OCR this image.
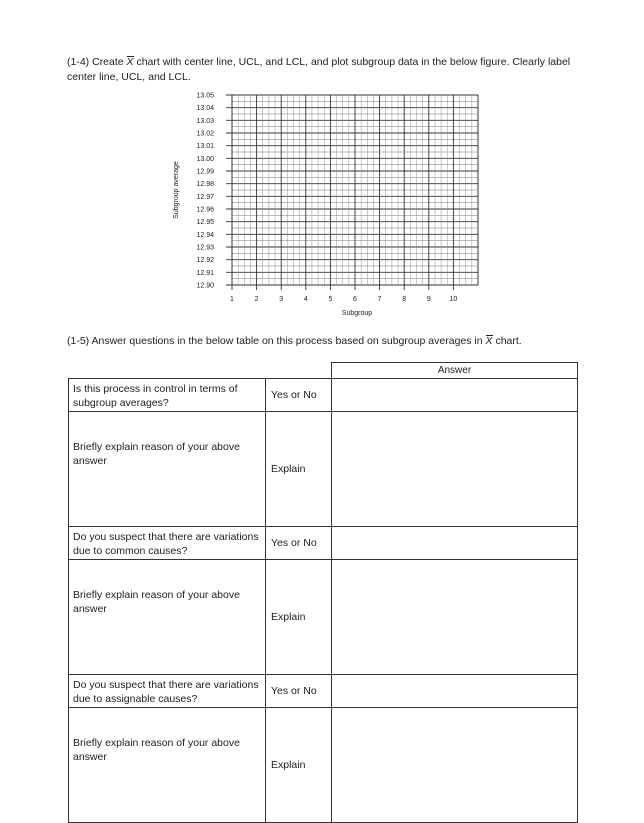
(1-4) Create X chart with center line, UCL, and LCL, and plot subgroup data in the below figure. Clearly label center line, UCL, and LCL.
13.05
13.04
13.03
13.02
13.01
13.00
12.99
12.98
12.97
12.96
12.95
12.94
12.93
12.92
12.91
12.90
1	2	3	4	5	6	7	8	9	10
Subgroup
Subgroup average
(1-5) Answer questions in the below table on this process based on subgroup averages in X chart.
		Answer
Is this process in control in terms of subgroup averages?	Yes or No	
Briefly explain reason of your above answer	Explain	
Do you suspect that there are variations due to common causes?	Yes or No	
Briefly explain reason of your above answer	Explain	
Do you suspect that there are variations due to assignable causes?	Yes or No	
Briefly explain reason of your above answer	Explain	
